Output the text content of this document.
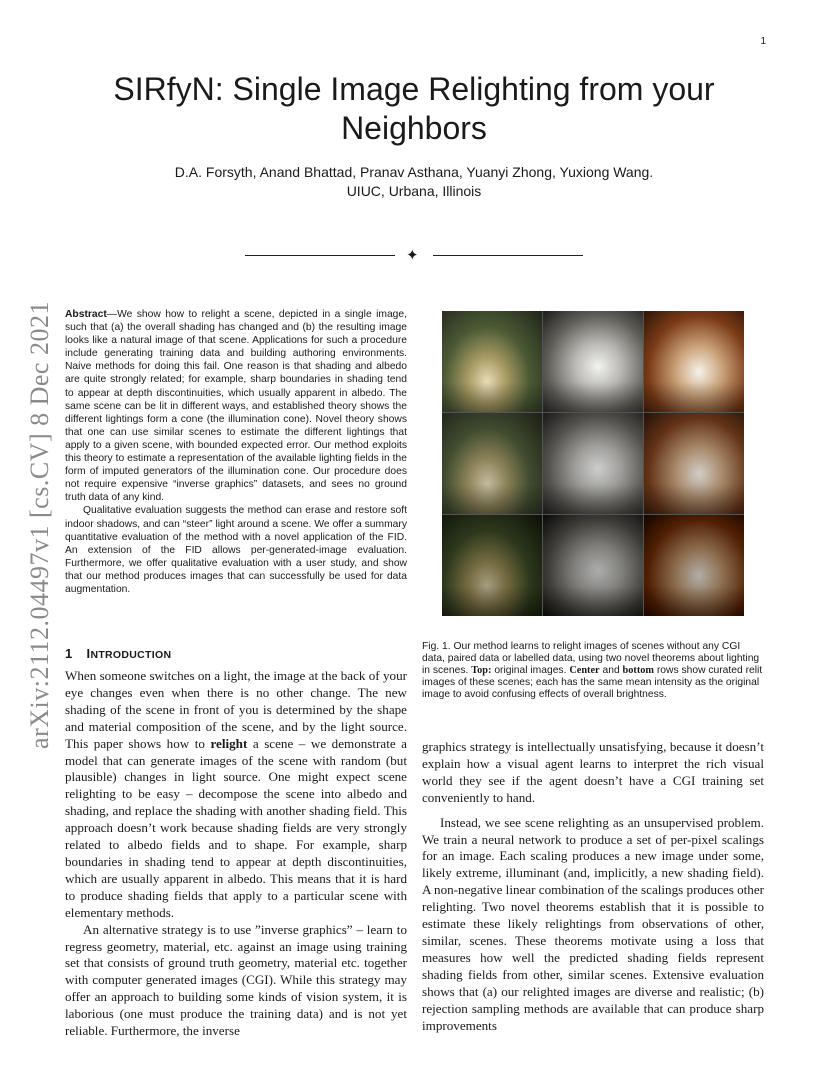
1
arXiv:2112.04497v1 [cs.CV] 8 Dec 2021
SIRfyN: Single Image Relighting from your
Neighbors
D.A. Forsyth, Anand Bhattad, Pranav Asthana, Yuanyi Zhong, Yuxiong Wang.
UIUC, Urbana, Illinois
✦

Abstract—We show how to relight a scene, depicted in a single image, such that (a) the overall shading has changed and (b) the resulting image looks like a natural image of that scene. Applications for such a procedure include generating training data and building authoring environments. Naive methods for doing this fail. One reason is that shading and albedo are quite strongly related; for example, sharp boundaries in shading tend to appear at depth discontinuities, which usually apparent in albedo. The same scene can be lit in different ways, and established theory shows the different lightings form a cone (the illumination cone). Novel theory shows that one can use similar scenes to estimate the different lightings that apply to a given scene, with bounded expected error. Our method exploits this theory to estimate a representation of the available lighting fields in the form of imputed generators of the illumination cone. Our procedure does not require expensive “inverse graphics” datasets, and sees no ground truth data of any kind.

Qualitative evaluation suggests the method can erase and restore soft indoor shadows, and can “steer” light around a scene. We offer a summary quantitative evaluation of the method with a novel application of the FID. An extension of the FID allows per-generated-image evaluation. Furthermore, we offer qualitative evaluation with a user study, and show that our method produces images that can successfully be used for data augmentation.

Fig. 1. Our method learns to relight images of scenes without any CGI data, paired data or labelled data, using two novel theorems about lighting in scenes. Top: original images. Center and bottom rows show curated relit images of these scenes; each has the same mean intensity as the original image to avoid confusing effects of overall brightness.
1 INTRODUCTION

When someone switches on a light, the image at the back of your eye changes even when there is no other change. The new shading of the scene in front of you is determined by the shape and material composition of the scene, and by the light source. This paper shows how to relight a scene – we demonstrate a model that can generate images of the scene with random (but plausible) changes in light source. One might expect scene relighting to be easy – decompose the scene into albedo and shading, and replace the shading with another shading field. This approach doesn’t work because shading fields are very strongly related to albedo fields and to shape. For example, sharp boundaries in shading tend to appear at depth discontinuities, which are usually apparent in albedo. This means that it is hard to produce shading fields that apply to a particular scene with elementary methods.

An alternative strategy is to use ”inverse graphics” – learn to regress geometry, material, etc. against an image using training set that consists of ground truth geometry, material etc. together with computer generated images (CGI). While this strategy may offer an approach to building some kinds of vision system, it is laborious (one must produce the training data) and is not yet reliable. Furthermore, the inverse

graphics strategy is intellectually unsatisfying, because it doesn’t explain how a visual agent learns to interpret the rich visual world they see if the agent doesn’t have a CGI training set conveniently to hand.

Instead, we see scene relighting as an unsupervised problem. We train a neural network to produce a set of per-pixel scalings for an image. Each scaling produces a new image under some, likely extreme, illuminant (and, implicitly, a new shading field). A non-negative linear combination of the scalings produces other relighting. Two novel theorems establish that it is possible to estimate these likely relightings from observations of other, similar, scenes. These theorems motivate using a loss that measures how well the predicted shading fields represent shading fields from other, similar scenes. Extensive evaluation shows that (a) our relighted images are diverse and realistic; (b) rejection sampling methods are available that can produce sharp improvements
